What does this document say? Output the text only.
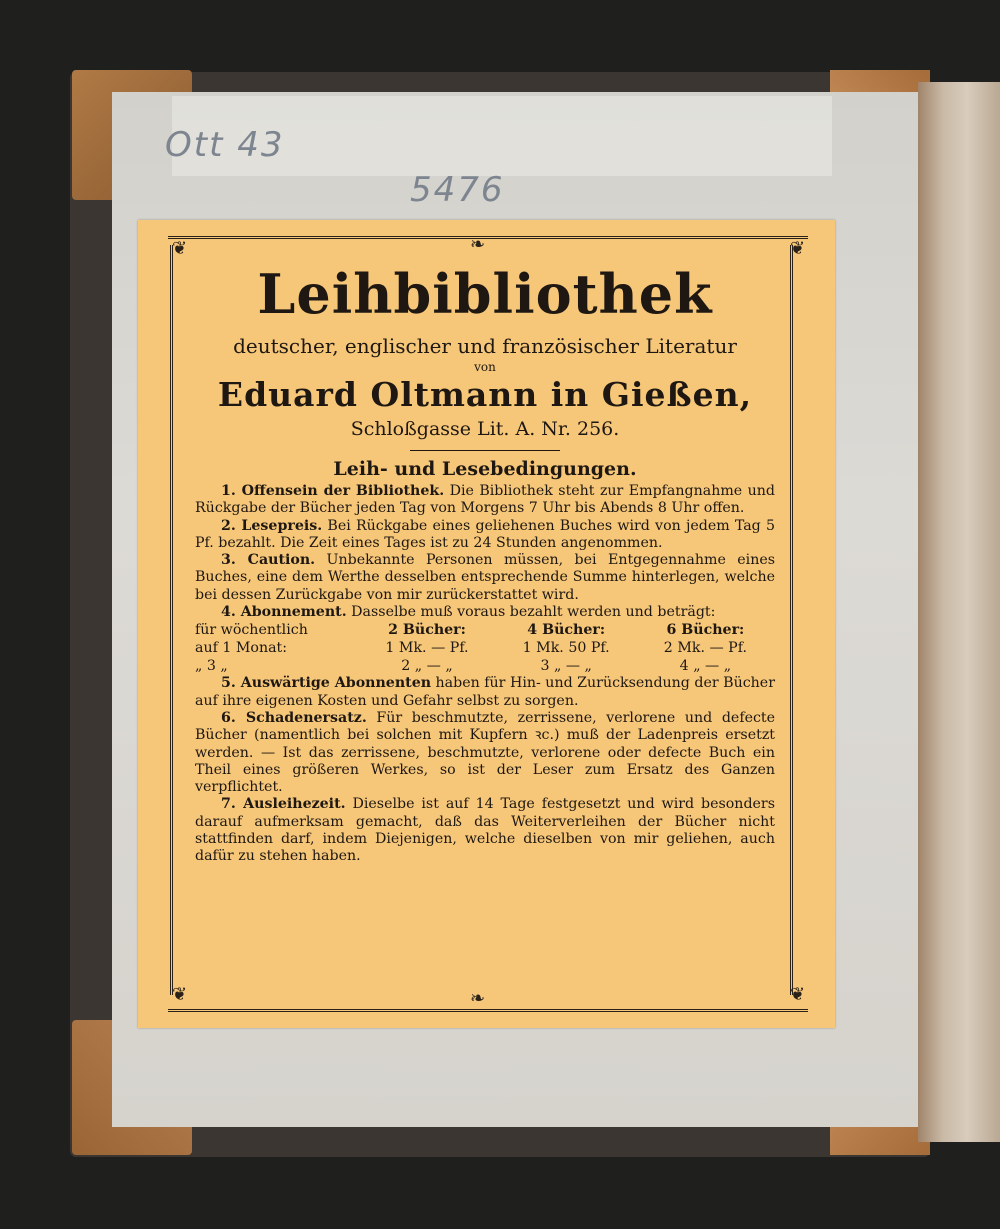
Ott 43
5476
❦	❦
❦	❦
❧
❧
Leihbibliothek
deutscher, englischer und französischer Literatur
von
Eduard Oltmann in Gießen,
Schloßgasse Lit. A. Nr. 256.
Leih- und Lesebedingungen.

1. Offensein der Bibliothek. Die Bibliothek steht zur Empfangnahme und Rückgabe der Bücher jeden Tag von Morgens 7 Uhr bis Abends 8 Uhr offen.

2. Lesepreis. Bei Rückgabe eines geliehenen Buches wird von jedem Tag 5 Pf. bezahlt. Die Zeit eines Tages ist zu 24 Stunden angenommen.

3. Caution. Unbekannte Personen müssen, bei Entgegennahme eines Buches, eine dem Werthe desselben entsprechende Summe hinterlegen, welche bei dessen Zurückgabe von mir zurückerstattet wird.

4. Abonnement. Dasselbe muß voraus bezahlt werden und beträgt:

für wöchentlich	2 Bücher:	4 Bücher:	6 Bücher:
auf 1 Monat:	1 Mk. — Pf.	1 Mk. 50 Pf.	2 Mk. — Pf.
„ 3 „	2 „ — „	3 „ — „	4 „ — „

5. Auswärtige Abonnenten haben für Hin- und Zurücksendung der Bücher auf ihre eigenen Kosten und Gefahr selbst zu sorgen.

6. Schadenersatz. Für beschmutzte, zerrissene, verlorene und defecte Bücher (namentlich bei solchen mit Kupfern ꝛc.) muß der Ladenpreis ersetzt werden. — Ist das zerrissene, beschmutzte, verlorene oder defecte Buch ein Theil eines größeren Werkes, so ist der Leser zum Ersatz des Ganzen verpflichtet.

7. Ausleihezeit. Dieselbe ist auf 14 Tage festgesetzt und wird besonders darauf aufmerksam gemacht, daß das Weiterverleihen der Bücher nicht stattfinden darf, indem Diejenigen, welche dieselben von mir geliehen, auch dafür zu stehen haben.
